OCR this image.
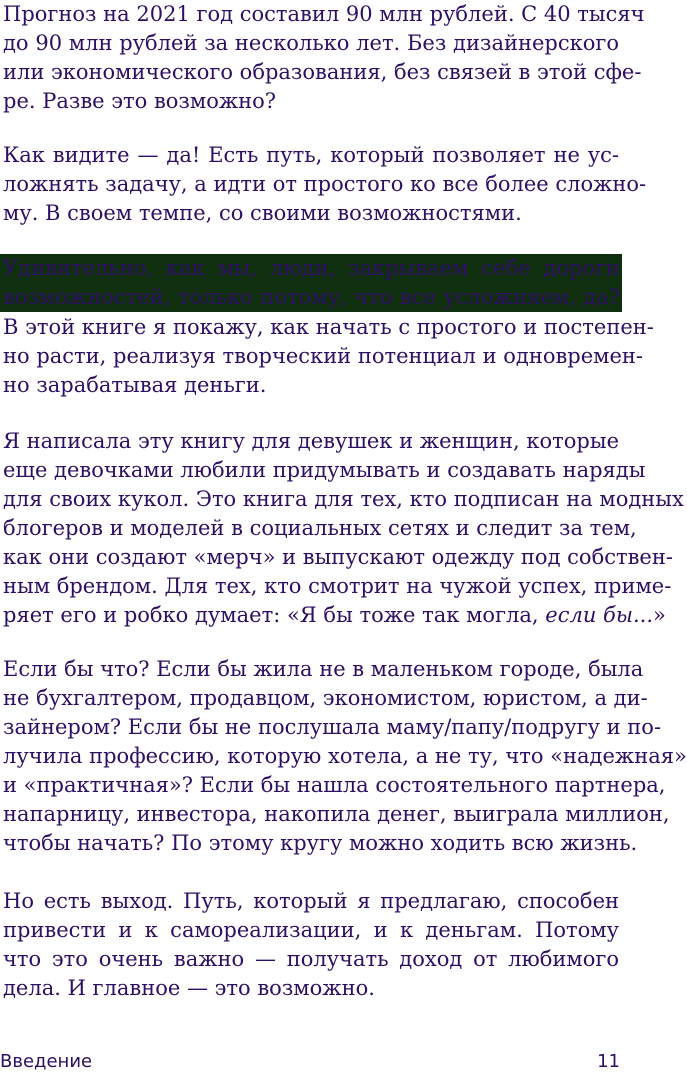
Прогноз на 2021 год составил 90 млн рублей. С 40 тысяч
до 90 млн рублей за несколько лет. Без дизайнерского
или экономического образования, без связей в этой сфе-
ре. Разве это возможно?
Как видите — да! Есть путь, который позволяет не ус-
ложнять задачу, а идти от простого ко все более сложно-
му. В своем темпе, со своими возможностями.
Удивительно, как мы, люди, закрываем себе дороги
возможностей, только потому, что все усложняем, да?
В этой книге я покажу, как начать с простого и постепен-
но расти, реализуя творческий потенциал и одновремен-
но зарабатывая деньги.
Я написала эту книгу для девушек и женщин, которые
еще девочками любили придумывать и создавать наряды
для своих кукол. Это книга для тех, кто подписан на модных
блогеров и моделей в социальных сетях и следит за тем,
как они создают «мерч» и выпускают одежду под собствен-
ным брендом. Для тех, кто смотрит на чужой успех, приме-
ряет его и робко думает: «Я бы тоже так могла, если бы...»
Если бы что? Если бы жила не в маленьком городе, была
не бухгалтером, продавцом, экономистом, юристом, а ди-
зайнером? Если бы не послушала маму/папу/подругу и по-
лучила профессию, которую хотела, а не ту, что «надежная»
и «практичная»? Если бы нашла состоятельного партнера,
напарницу, инвестора, накопила денег, выиграла миллион,
чтобы начать? По этому кругу можно ходить всю жизнь.
Но есть выход. Путь, который я предлагаю, способен
привести и к самореализации, и к деньгам. Потому
что это очень важно — получать доход от любимого
дела. И главное — это возможно.
Введение	11
